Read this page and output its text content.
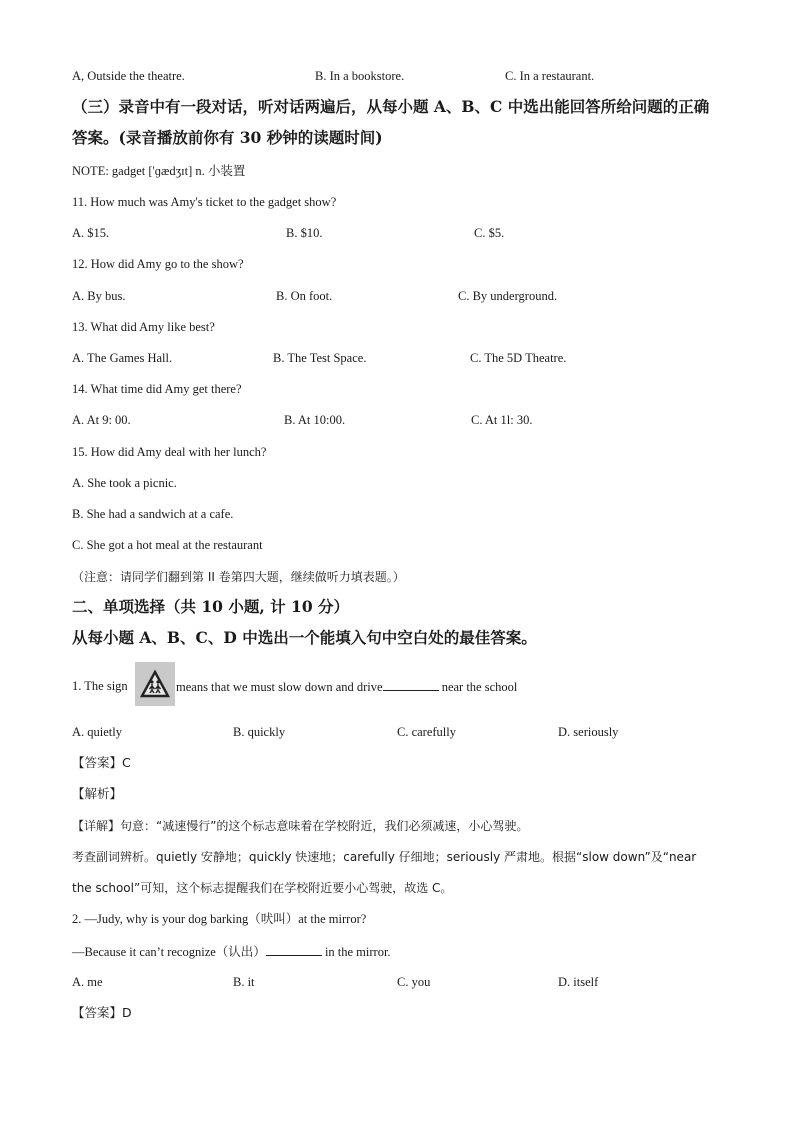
A, Outside the theatre.	B. In a bookstore.	C. In a restaurant.
（三）录音中有一段对话，听对话两遍后，从每小题 A、B、C 中选出能回答所给问题的正确
答案。(录音播放前你有 30 秒钟的读题时间)
NOTE: gadget ['ɡædʒɪt] n. 小装置
11. How much was Amy's ticket to the gadget show?
A. $15.	B. $10.	C. $5.
12. How did Amy go to the show?
A. By bus.	B. On foot.	C. By underground.
13. What did Amy like best?
A. The Games Hall.	B. The Test Space.	C. The 5D Theatre.
14. What time did Amy get there?
A. At 9: 00.	B. At 10:00.	C. At 1l: 30.
15. How did Amy deal with her lunch?
A. She took a picnic.
B. She had a sandwich at a cafe.
C. She got a hot meal at the restaurant
（注意：请同学们翻到第 II 卷第四大题，继续做听力填表题。）
二、单项选择（共 10 小题, 计 10 分）
从每小题 A、B、C、D 中选出一个能填入句中空白处的最佳答案。
1. The sign	means that we must slow down and drive	near the school
A. quietly	B. quickly	C. carefully	D. seriously
【答案】C
【解析】
【详解】句意：“减速慢行”的这个标志意味着在学校附近，我们必须减速，小心驾驶。
考查副词辨析。quietly 安静地；quickly 快速地；carefully 仔细地；seriously 严肃地。根据“slow down”及“near
the school”可知，这个标志提醒我们在学校附近要小心驾驶，故选 C。
2. —Judy, why is your dog barking（吠叫）at the mirror?
—Because it can’t recognize（认出）	in the mirror.
A. me	B. it	C. you	D. itself
【答案】D
